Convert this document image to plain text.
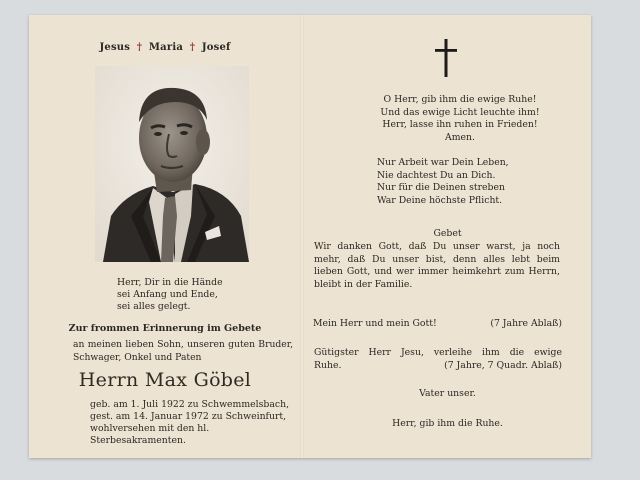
Jesus † Maria † Josef
Herr, Dir in die Hände
sei Anfang und Ende,
sei alles gelegt.
Zur frommen Erinnerung im Gebete
an meinen lieben Sohn, unseren guten Bruder, Schwager, Onkel und Paten
Herrn Max Göbel
geb. am 1. Juli 1922 zu Schwemmelsbach,
gest. am 14. Januar 1972 zu Schweinfurt,
wohlversehen mit den hl. Sterbesakramenten.
O Herr, gib ihm die ewige Ruhe!
Und das ewige Licht leuchte ihm!
Herr, lasse ihn ruhen in Frieden!
Amen.
Nur Arbeit war Dein Leben,
Nie dachtest Du an Dich.
Nur für die Deinen streben
War Deine höchste Pflicht.
Gebet
Wir danken Gott, daß Du unser warst, ja noch mehr, daß Du unser bist, denn alles lebt beim lieben Gott, und wer immer heimkehrt zum Herrn, bleibt in der Familie.
Mein Herr und mein Gott!	(7 Jahre Ablaß)
Gütigster Herr Jesu, verleihe ihm die ewige
Ruhe.	(7 Jahre, 7 Quadr. Ablaß)
Vater unser.
Herr, gib ihm die Ruhe.
